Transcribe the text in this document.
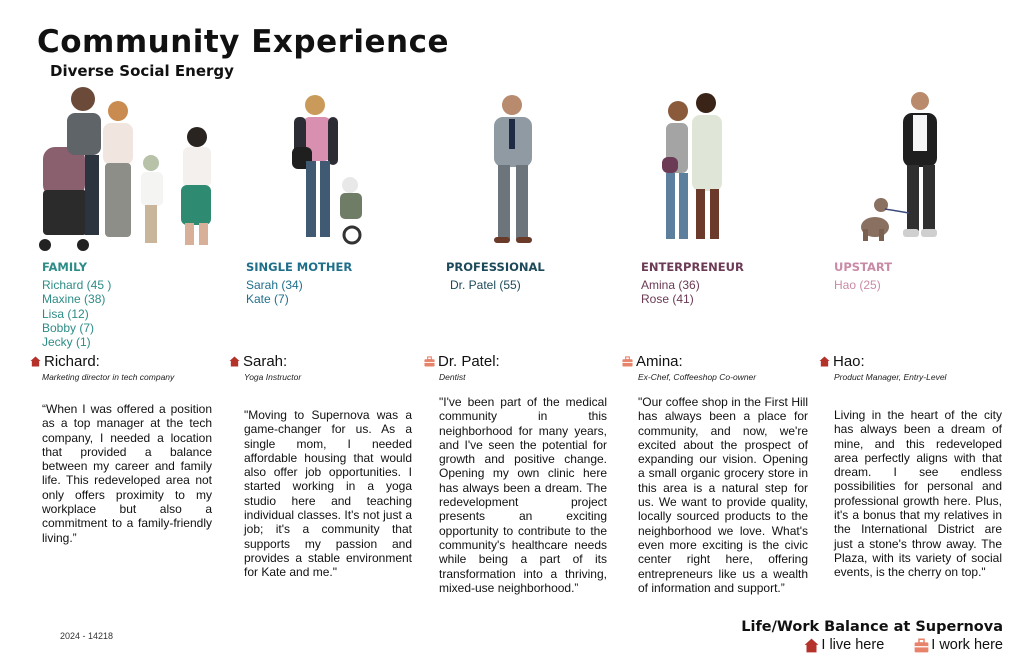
Community Experience
Diverse Social Energy
FAMILY
Richard (45 )
Maxine (38)
Lisa (12)
Bobby (7)
Jecky (1)
SINGLE MOTHER
Sarah (34)
Kate (7)
PROFESSIONAL
Dr. Patel (55)
ENTERPRENEUR
Amina (36)
Rose (41)
UPSTART
Hao (25)
Richard:
Marketing director in tech company
“When I was offered a position as a top manager at the tech company, I needed a location that provided a balance between my career and family life. This redeveloped area not only offers proximity to my workplace but also a commitment to a family-friendly living.”
Sarah:
Yoga Instructor
"Moving to Supernova was a game-changer for us. As a single mom, I needed affordable housing that would also offer job opportunities. I started working in a yoga studio here and teaching individual classes. It's not just a job; it's a community that supports my passion and provides a stable environment for Kate and me."
Dr. Patel:
Dentist
"I've been part of the medical community in this neighborhood for many years, and I've seen the potential for growth and positive change. Opening my own clinic here has always been a dream. The redevelopment project presents an exciting opportunity to contribute to the community's healthcare needs while being a part of its transformation into a thriving, mixed-use neighborhood.”
Amina:
Ex-Chef, Coffeeshop Co-owner
"Our coffee shop in the First Hill has always been a place for community, and now, we're excited about the prospect of expanding our vision. Opening a small organic grocery store in this area is a natural step for us. We want to provide quality, locally sourced products to the neighborhood we love. What's even more exciting is the civic center right here, offering entrepreneurs like us a wealth of information and support.”
Hao:
Product Manager, Entry-Level
Living in the heart of the city has always been a dream of mine, and this redeveloped area perfectly aligns with that dream. I see endless possibilities for personal and professional growth here. Plus, it's a bonus that my relatives in the International District are just a stone's throw away. The Plaza, with its variety of social events, is the cherry on top."
2024 - 14218
Life/Work Balance at Supernova
I live here	I work here
